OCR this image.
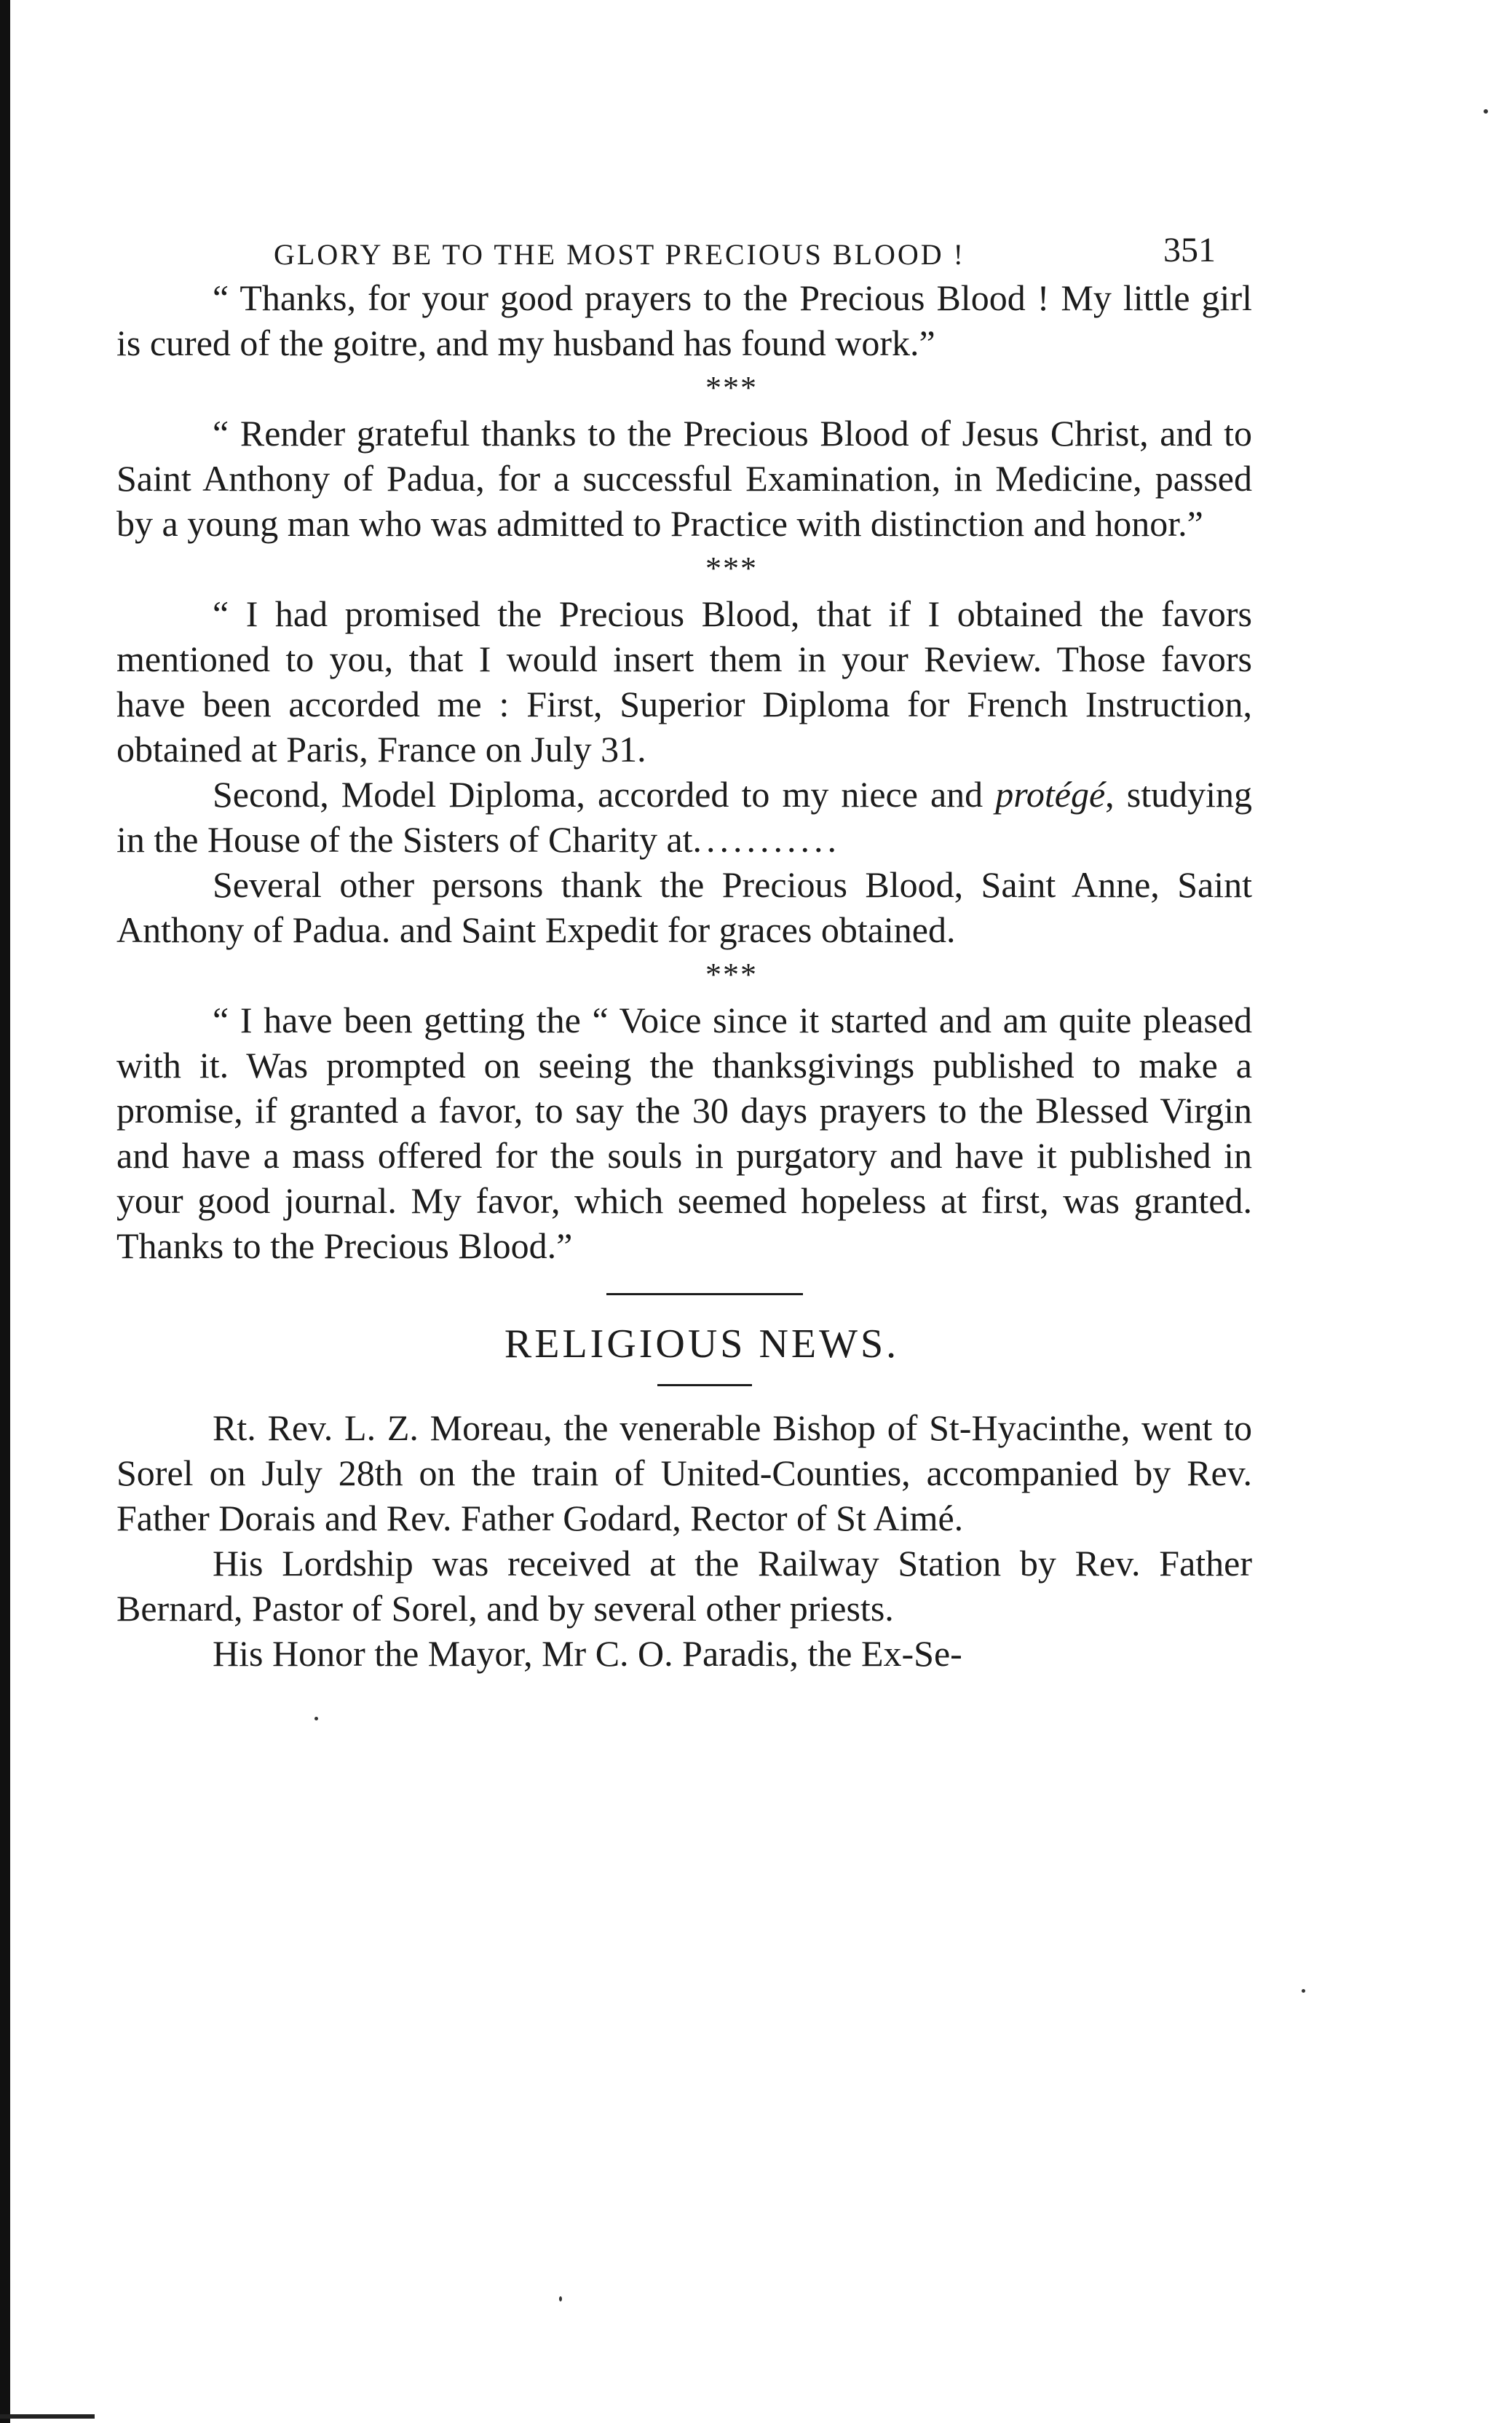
GLORY BE TO THE MOST PRECIOUS BLOOD !	351

“ Thanks, for your good prayers to the Precious Blood ! My little girl is cured of the goitre, and my husband has found work.”

***

“ Render grateful thanks to the Precious Blood of Jesus Christ, and to Saint Anthony of Padua, for a successful Examination, in Medicine, passed by a young man who was admitted to Practice with distinction and honor.”

***

“ I had promised the Precious Blood, that if I obtained the favors mentioned to you, that I would insert them in your Review. Those favors have been accorded me : First, Superior Diploma for French Instruction, obtained at Paris, France on July 31.

Second, Model Diploma, accorded to my niece and protégé, studying in the House of the Sisters of Charity at...........

Several other persons thank the Precious Blood, Saint Anne, Saint Anthony of Padua. and Saint Expedit for graces obtained.

***

“ I have been getting the “ Voice since it started and am quite pleased with it. Was prompted on seeing the thanksgivings published to make a promise, if granted a favor, to say the 30 days prayers to the Blessed Virgin and have a mass offered for the souls in purgatory and have it published in your good journal. My favor, which seemed hopeless at first, was granted. Thanks to the Precious Blood.”

RELIGIOUS NEWS.

Rt. Rev. L. Z. Moreau, the venerable Bishop of St-Hyacinthe, went to Sorel on July 28th on the train of United-Counties, accompanied by Rev. Father Dorais and Rev. Father Godard, Rector of St Aimé.

His Lordship was received at the Railway Station by Rev. Father Bernard, Pastor of Sorel, and by several other priests.

His Honor the Mayor, Mr C. O. Paradis, the Ex-Se-
